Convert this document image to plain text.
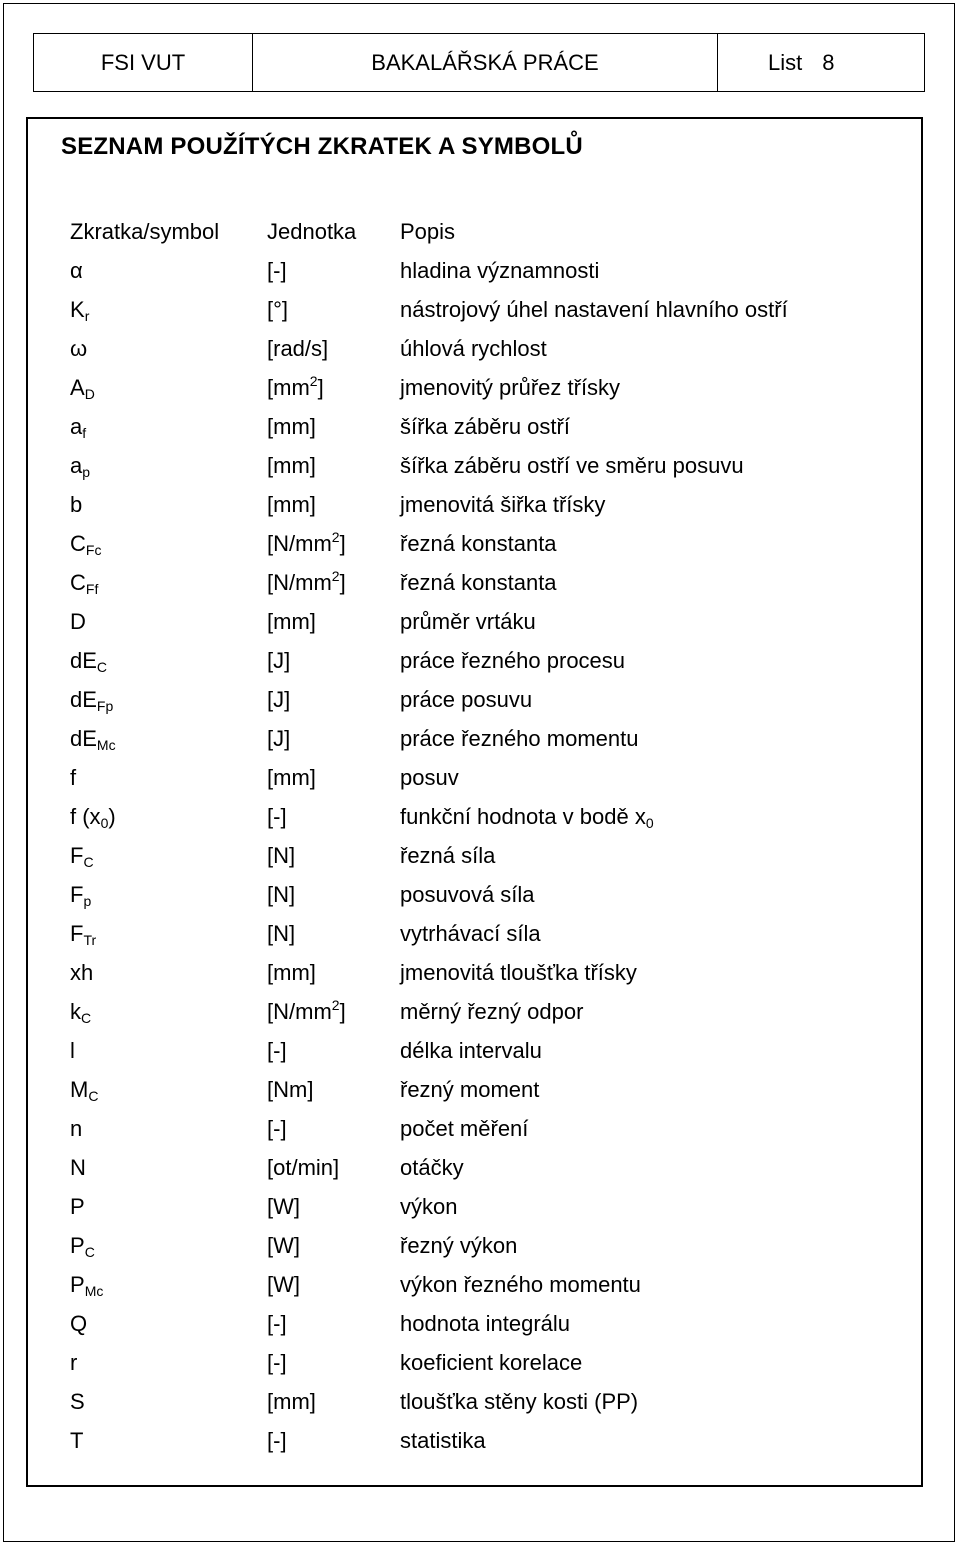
FSI VUT	BAKALÁŘSKÁ PRÁCE	List 8
SEZNAM POUŽÍTÝCH ZKRATEK A SYMBOLŮ
Zkratka/symbol	Jednotka	Popis
α	[-]	hladina významnosti
$K_r$	[°]	nástrojový úhel nastavení hlavního ostří
ω	[rad/s]	úhlová rychlost
$A_D$	$[mm^2]$	jmenovitý průřez třísky
$a_f$	[mm]	šířka záběru ostří
$a_p$	[mm]	šířka záběru ostří ve směru posuvu
b	[mm]	jmenovitá šiřka třísky
$C_{Fc}$	$[N/mm^2]$	řezná konstanta
$C_{Ff}$	$[N/mm^2]$	řezná konstanta
D	[mm]	průměr vrtáku
$dE_C$	[J]	práce řezného procesu
$dE_{Fp}$	[J]	práce posuvu
$dE_{Mc}$	[J]	práce řezného momentu
f	[mm]	posuv
f $(x_0)$	[-]	funkční hodnota v bodě $x_0$
$F_C$	[N]	řezná síla
$F_p$	[N]	posuvová síla
$F_{Tr}$	[N]	vytrhávací síla
xh	[mm]	jmenovitá tloušťka třísky
$k_C$	$[N/mm^2]$	měrný řezný odpor
l	[-]	délka intervalu
$M_C$	[Nm]	řezný moment
n	[-]	počet měření
N	[ot/min]	otáčky
P	[W]	výkon
$P_C$	[W]	řezný výkon
$P_{Mc}$	[W]	výkon řezného momentu
Q	[-]	hodnota integrálu
r	[-]	koeficient korelace
S	[mm]	tloušťka stěny kosti (PP)
T	[-]	statistika
